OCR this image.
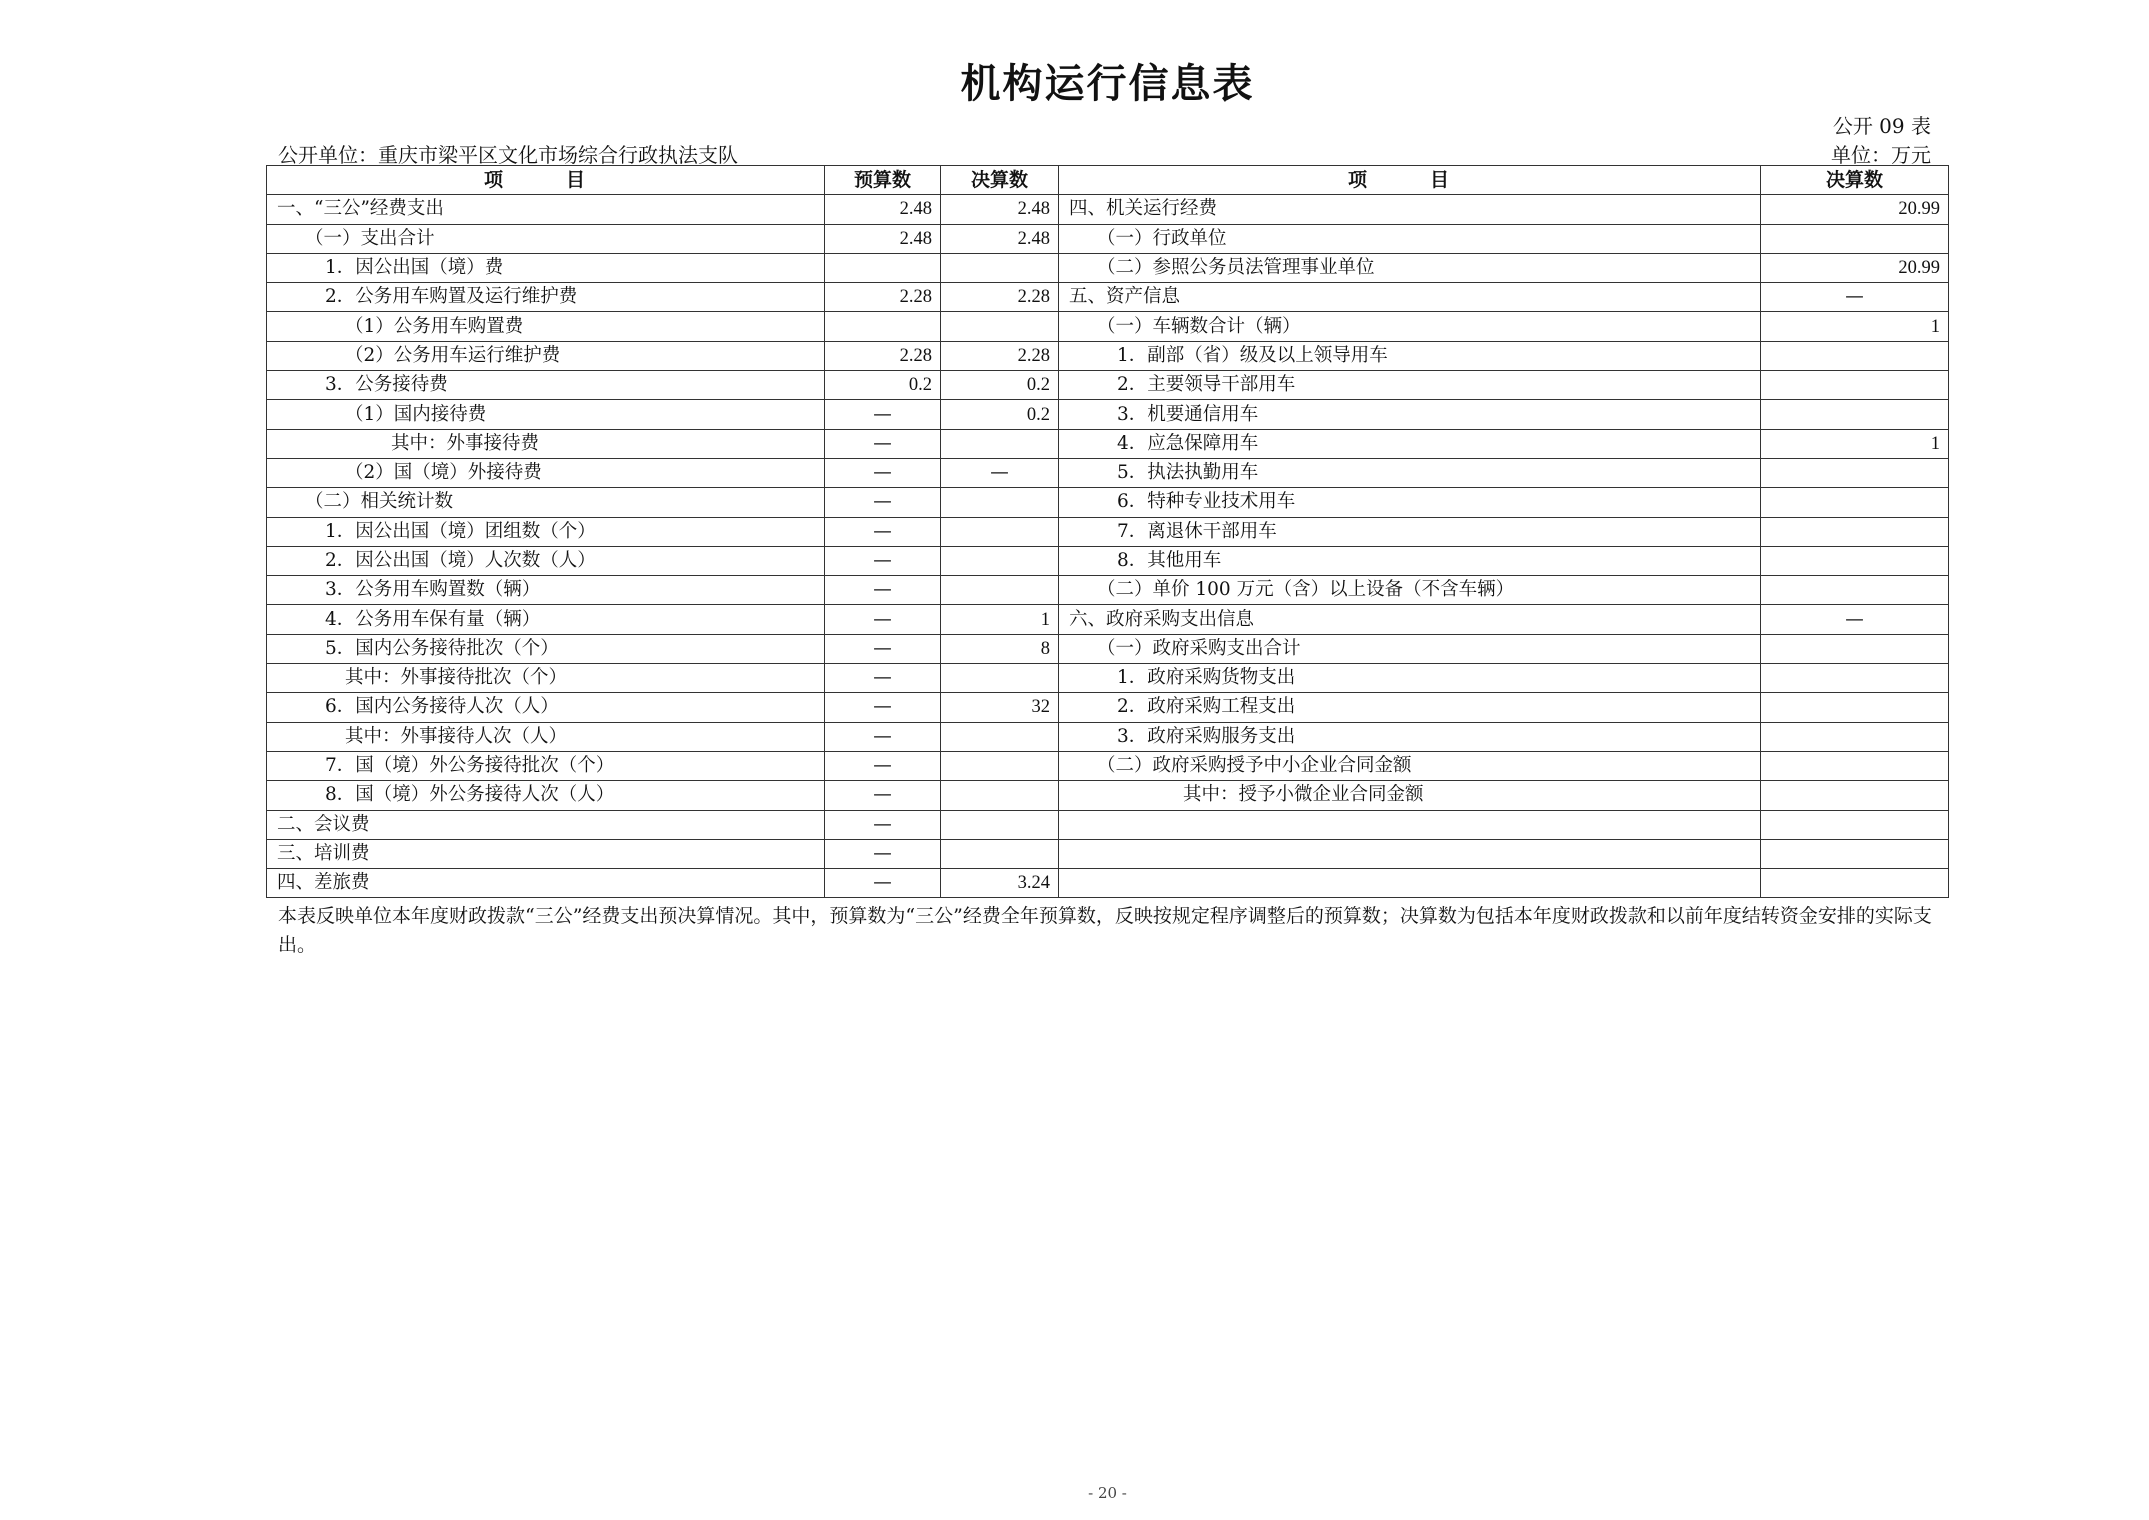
机构运行信息表
公开 09 表
公开单位：重庆市梁平区文化市场综合行政执法支队	单位：万元
项　目	预算数	决算数	项　目	决算数
一、“三公”经费支出	2.48	2.48	四、机关运行经费	20.99
（一）支出合计	2.48	2.48	（一）行政单位	
1．因公出国（境）费			（二）参照公务员法管理事业单位	20.99
2．公务用车购置及运行维护费	2.28	2.28	五、资产信息	—
（1）公务用车购置费			（一）车辆数合计（辆）	1
（2）公务用车运行维护费	2.28	2.28	1．副部（省）级及以上领导用车	
3．公务接待费	0.2	0.2	2．主要领导干部用车	
（1）国内接待费	—	0.2	3．机要通信用车	
其中：外事接待费	—		4．应急保障用车	1
（2）国（境）外接待费	—	—	5．执法执勤用车	
（二）相关统计数	—		6．特种专业技术用车	
1．因公出国（境）团组数（个）	—		7．离退休干部用车	
2．因公出国（境）人次数（人）	—		8．其他用车	
3．公务用车购置数（辆）	—		（二）单价 100 万元（含）以上设备（不含车辆）	
4．公务用车保有量（辆）	—	1	六、政府采购支出信息	—
5．国内公务接待批次（个）	—	8	（一）政府采购支出合计	
其中：外事接待批次（个）	—		1．政府采购货物支出	
6．国内公务接待人次（人）	—	32	2．政府采购工程支出	
其中：外事接待人次（人）	—		3．政府采购服务支出	
7．国（境）外公务接待批次（个）	—		（二）政府采购授予中小企业合同金额	
8．国（境）外公务接待人次（人）	—		其中：授予小微企业合同金额	
二、会议费	—			
三、培训费	—			
四、差旅费	—	3.24		
本表反映单位本年度财政拨款“三公”经费支出预决算情况。其中，预算数为“三公”经费全年预算数，反映按规定程序调整后的预算数；决算数为包括本年度财政拨款和以前年度结转资金安排的实际支出。
- 20 -
